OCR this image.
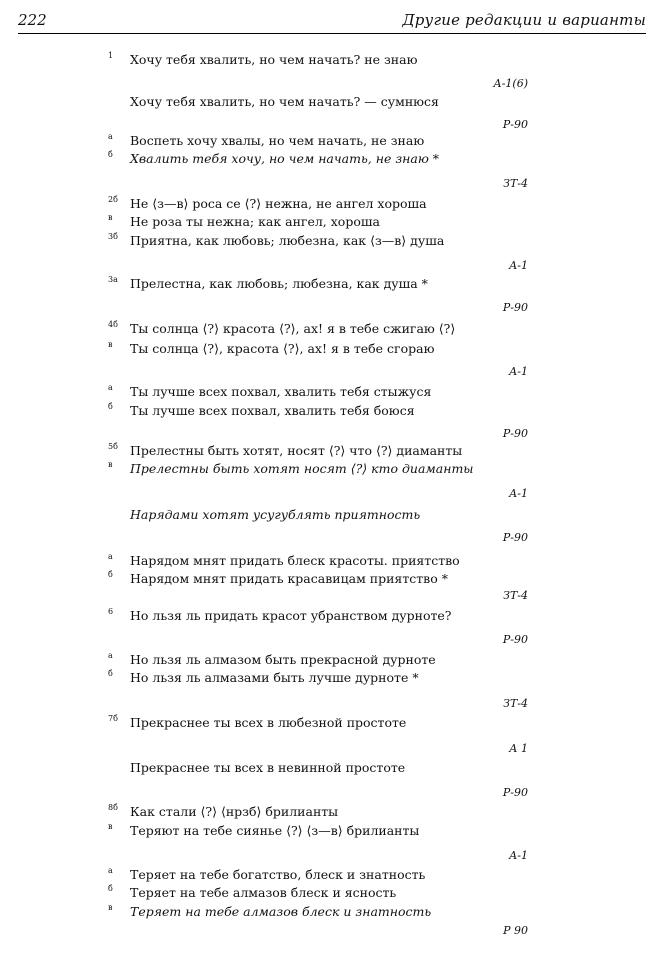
222	Другие редакции и варианты
1	Хочу тебя хвалить, но чем начать? не знаю
А-1(6)
Хочу тебя хвалить, но чем начать? — сумнюся
Р-90
а	Воспеть хочу хвалы, но чем начать, не знаю
б	Хвалить тебя хочу, но чем начать, не знаю *
ЗТ-4
2б Не ⟨з—в⟩ роса се ⟨?⟩ нежна, не ангел хороша
в	Не роза ты нежна; как ангел, хороша
3б Приятна, как любовь; любезна, как ⟨з—в⟩ душа
А-1
3а Прелестна, как любовь; любезна, как душа *
Р-90
4б Ты солнца ⟨?⟩ красота ⟨?⟩, ах! я в тебе сжигаю ⟨?⟩
в	Ты солнца ⟨?⟩, красота ⟨?⟩, ах! я в тебе сгораю
А-1
а	Ты лучше всех похвал, хвалить тебя стыжуся
б	Ты лучше всех похвал, хвалить тебя боюся
Р-90
5б Прелестны быть хотят, носят ⟨?⟩ что ⟨?⟩ диаманты
в	Прелестны быть хотят носят ⟨?⟩ кто диаманты
А-1
Нарядами хотят усугублять приятность
Р-90
а	Нарядом мнят придать блеск красоты. приятство
б	Нарядом мнят придать красавицам приятство *
ЗТ-4
6	Но льзя ль придать красот убранством дурноте?
Р-90
а	Но льзя ль алмазом быть прекрасной дурноте
б	Но льзя ль алмазами быть лучше дурноте *
ЗТ-4
7б Прекраснее ты всех в любезной простоте
А 1
Прекраснее ты всех в невинной простоте
Р-90
8б Как стали ⟨?⟩ ⟨нрзб⟩ брилианты
в	Теряют на тебе сиянье ⟨?⟩ ⟨з—в⟩ брилианты
А-1
а	Теряет на тебе богатство, блеск и знатность
б	Теряет на тебе алмазов блеск и ясность
в	Теряет на тебе алмазов блеск и знатность
Р 90
